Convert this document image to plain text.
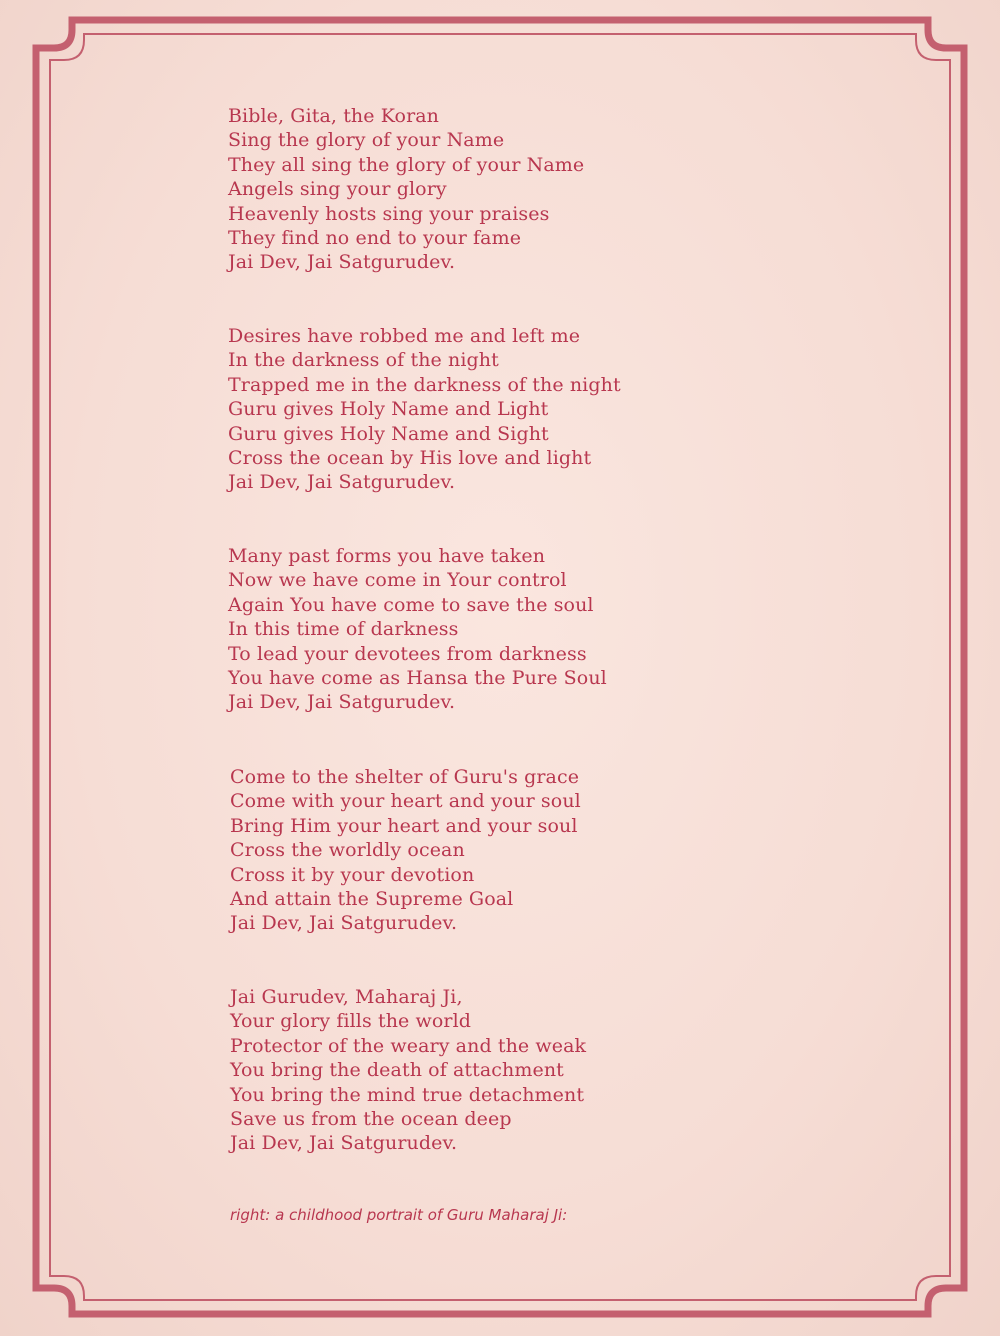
Bible, Gita, the Koran
Sing the glory of your Name
They all sing the glory of your Name
Angels sing your glory
Heavenly hosts sing your praises
They find no end to your fame
Jai Dev, Jai Satgurudev.
Desires have robbed me and left me
In the darkness of the night
Trapped me in the darkness of the night
Guru gives Holy Name and Light
Guru gives Holy Name and Sight
Cross the ocean by His love and light
Jai Dev, Jai Satgurudev.
Many past forms you have taken
Now we have come in Your control
Again You have come to save the soul
In this time of darkness
To lead your devotees from darkness
You have come as Hansa the Pure Soul
Jai Dev, Jai Satgurudev.
Come to the shelter of Guru's grace
Come with your heart and your soul
Bring Him your heart and your soul
Cross the worldly ocean
Cross it by your devotion
And attain the Supreme Goal
Jai Dev, Jai Satgurudev.
Jai Gurudev, Maharaj Ji,
Your glory fills the world
Protector of the weary and the weak
You bring the death of attachment
You bring the mind true detachment
Save us from the ocean deep
Jai Dev, Jai Satgurudev.
right: a childhood portrait of Guru Maharaj Ji:
